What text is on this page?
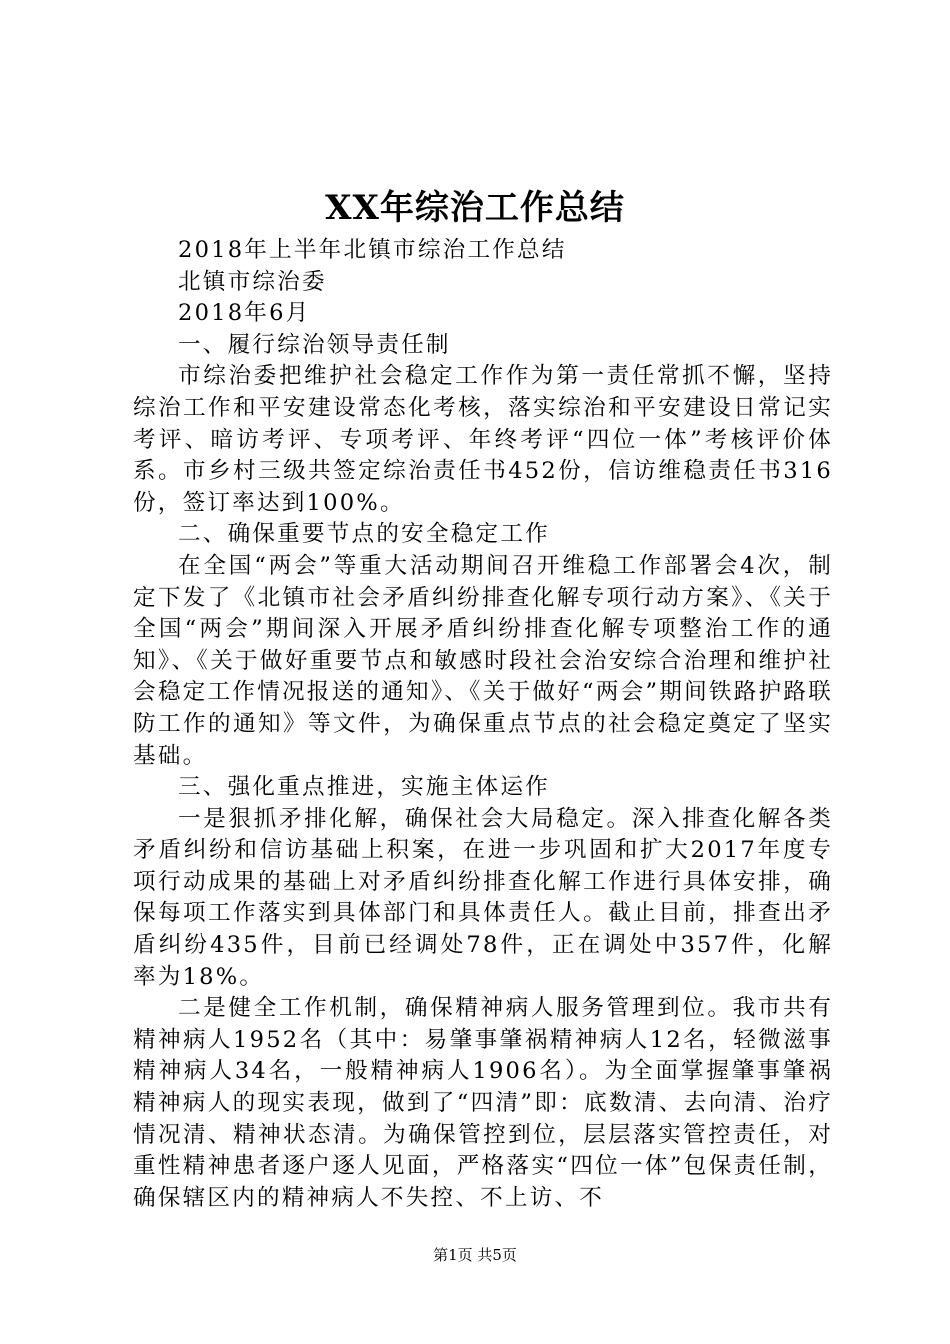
XX年综治工作总结

2018年上半年北镇市综治工作总结

北镇市综治委

2018年6月

一、履行综治领导责任制

市综治委把维护社会稳定工作作为第一责任常抓不懈，坚持综治工作和平安建设常态化考核，落实综治和平安建设日常记实考评、暗访考评、专项考评、年终考评“四位一体”考核评价体系。市乡村三级共签定综治责任书452份，信访维稳责任书316份，签订率达到100%。

二、确保重要节点的安全稳定工作

在全国“两会”等重大活动期间召开维稳工作部署会4次，制定下发了《北镇市社会矛盾纠纷排查化解专项行动方案》、《关于全国“两会”期间深入开展矛盾纠纷排查化解专项整治工作的通知》、《关于做好重要节点和敏感时段社会治安综合治理和维护社会稳定工作情况报送的通知》、《关于做好“两会”期间铁路护路联防工作的通知》等文件，为确保重点节点的社会稳定奠定了坚实基础。

三、强化重点推进，实施主体运作

一是狠抓矛排化解，确保社会大局稳定。深入排查化解各类矛盾纠纷和信访基础上积案，在进一步巩固和扩大2017年度专项行动成果的基础上对矛盾纠纷排查化解工作进行具体安排，确保每项工作落实到具体部门和具体责任人。截止目前，排查出矛盾纠纷435件，目前已经调处78件，正在调处中357件，化解率为18%。

二是健全工作机制，确保精神病人服务管理到位。我市共有精神病人1952名（其中：易肇事肇祸精神病人12名，轻微滋事精神病人34名，一般精神病人1906名）。为全面掌握肇事肇祸精神病人的现实表现，做到了“四清”即：底数清、去向清、治疗情况清、精神状态清。为确保管控到位，层层落实管控责任，对重性精神患者逐户逐人见面，严格落实“四位一体”包保责任制，确保辖区内的精神病人不失控、不上访、不

第1页 共5页
